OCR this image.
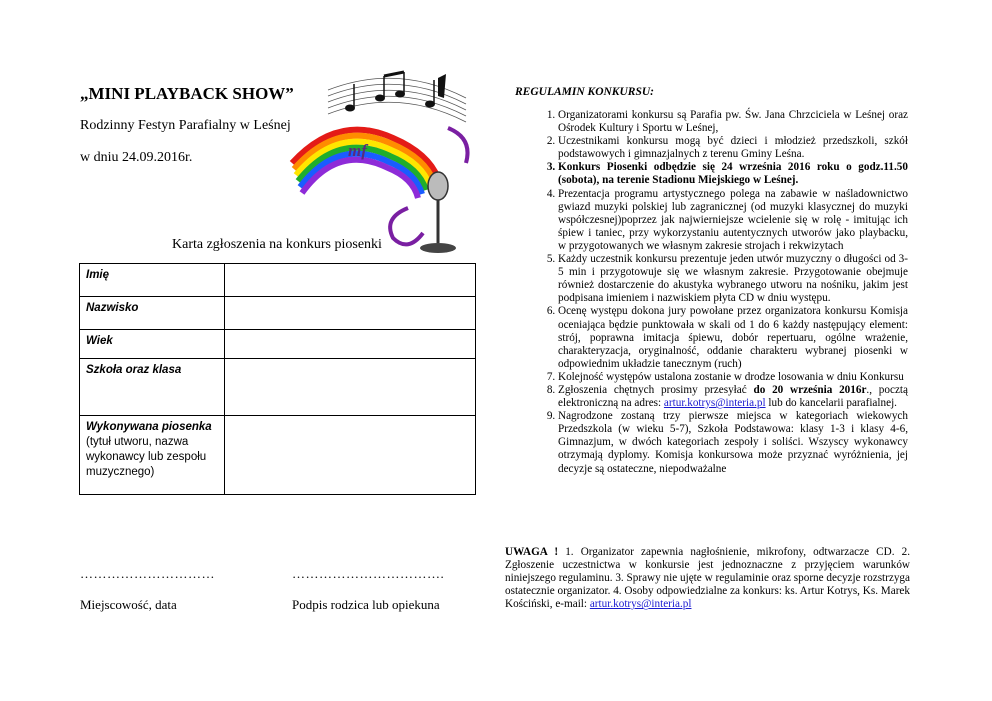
„MINI PLAYBACK SHOW”
Rodzinny Festyn Parafialny w Leśnej
w dniu 24.09.2016r.	mf
Karta zgłoszenia na konkurs piosenki
Imię	
Nazwisko	
Wiek	
Szkoła oraz klasa	
Wykonywana piosenka
(tytuł utworu, nazwa wykonawcy lub zespołu muzycznego)	
…………………………	…………………………….
Miejscowość, data	Podpis rodzica lub opiekuna
REGULAMIN KONKURSU:
1. Organizatorami konkursu są Parafia pw. Św. Jana Chrzciciela w Leśnej oraz Ośrodek Kultury i Sportu w Leśnej,
2. Uczestnikami konkursu mogą być dzieci i młodzież przedszkoli, szkół podstawowych i gimnazjalnych z terenu Gminy Leśna.
3. Konkurs Piosenki odbędzie się 24 września 2016 roku o godz.11.50 (sobota), na terenie Stadionu Miejskiego w Leśnej.
4. Prezentacja programu artystycznego polega na zabawie w naśladownictwo gwiazd muzyki polskiej lub zagranicznej (od muzyki klasycznej do muzyki współczesnej)poprzez jak najwierniejsze wcielenie się w rolę - imitując ich śpiew i taniec, przy wykorzystaniu autentycznych utworów jako playbacku, w przygotowanych we własnym zakresie strojach i rekwizytach
5. Każdy uczestnik konkursu prezentuje jeden utwór muzyczny o długości od 3-5 min i przygotowuje się we własnym zakresie. Przygotowanie obejmuje również dostarczenie do akustyka wybranego utworu na nośniku, jakim jest podpisana imieniem i nazwiskiem płyta CD w dniu występu.
6. Ocenę występu dokona jury powołane przez organizatora konkursu Komisja oceniająca będzie punktowała w skali od 1 do 6 każdy następujący element: strój, poprawna imitacja śpiewu, dobór repertuaru, ogólne wrażenie, charakteryzacja, oryginalność, oddanie charakteru wybranej piosenki w odpowiednim układzie tanecznym (ruch)
7. Kolejność występów ustalona zostanie w drodze losowania w dniu Konkursu
8. Zgłoszenia chętnych prosimy przesyłać do 20 września 2016r., pocztą elektroniczną na adres: artur.kotrys@interia.pl lub do kancelarii parafialnej.
9. Nagrodzone zostaną trzy pierwsze miejsca w kategoriach wiekowych Przedszkola (w wieku 5-7), Szkoła Podstawowa: klasy 1-3 i klasy 4-6, Gimnazjum, w dwóch kategoriach zespoły i soliści. Wszyscy wykonawcy otrzymają dyplomy. Komisja konkursowa może przyznać wyróżnienia, jej decyzje są ostateczne, niepodważalne

UWAGA ! 1. Organizator zapewnia nagłośnienie, mikrofony, odtwarzacze CD. 2. Zgłoszenie uczestnictwa w konkursie jest jednoznaczne z przyjęciem warunków niniejszego regulaminu. 3. Sprawy nie ujęte w regulaminie oraz sporne decyzje rozstrzyga ostatecznie organizator. 4. Osoby odpowiedzialne za konkurs: ks. Artur Kotrys, Ks. Marek Kościński, e-mail: artur.kotrys@interia.pl
